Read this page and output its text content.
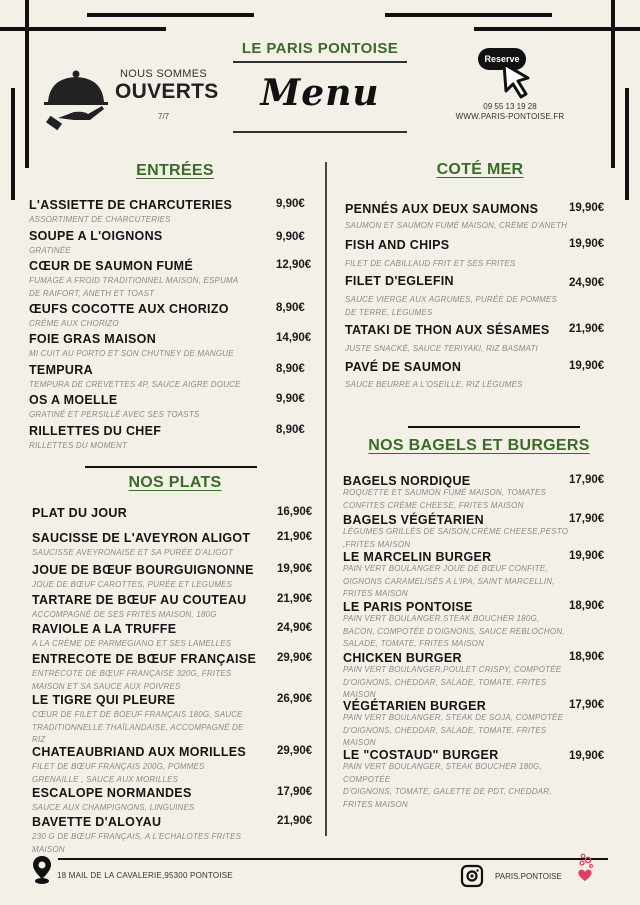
NOUS SOMMES
OUVERTS
7/7
LE PARIS PONTOISE
Menu
Reserve
09 55 13 19 28
WWW.PARIS-PONTOISE.FR
ENTRÉES
L'ASSIETTE DE CHARCUTERIES	9,90€
ASSORTIMENT DE CHARCUTERIES
SOUPE A L'OIGNONS	9,90€
GRATINÉE
CŒUR DE SAUMON FUMÉ	12,90€
FUMAGE A FROID TRADITIONNEL MAISON, ESPUMA
DE RAIFORT, ANETH ET TOAST
ŒUFS COCOTTE AUX CHORIZO	8,90€
CRÈME AUX CHORIZO
FOIE GRAS MAISON	14,90€
MI CUIT AU PORTO ET SON CHUTNEY DE MANGUE
TEMPURA	8,90€
TEMPURA DE CREVETTES 4P, SAUCE AIGRE DOUCE
OS A MOELLE	9,90€
GRATINÉ ET PERSILLÉ AVEC SES TOASTS
RILLETTES DU CHEF	8,90€
RILLETTES DU MOMENT
NOS PLATS
PLAT DU JOUR	16,90€
SAUCISSE DE L'AVEYRON ALIGOT 21,90€
SAUCISSE AVEYRONAISE ET SA PURÉE D'ALIGOT
JOUE DE BŒUF BOURGUIGNONNE 19,90€
JOUE DE BŒUF CAROTTES, PURÉE ET LEGUMES
TARTARE DE BŒUF AU COUTEAU	21,90€
ACCOMPAGNÉ DE SES FRITES MAISON, 180G
RAVIOLE A LA TRUFFE	24,90€
A LA CRÈME DE PARMEGIANO ET SES LAMELLES
ENTRECOTE DE BŒUF FRANÇAISE 29,90€
ENTRECOTE DE BŒUF FRANÇAISE 320G, FRITES
MAISON ET SA SAUCE AUX POIVRES
LE TIGRE QUI PLEURE	26,90€
CŒUR DE FILET DE BOEUF FRANÇAIS 180G, SAUCE
TRADITIONNELLE THAÏLANDAISE, ACCOMPAGNÉ DE
RIZ
CHATEAUBRIAND AUX MORILLES	29,90€
FILET DE BŒUF FRANÇAIS 200G, POMMES
GRENAILLE , SAUCE AUX MORILLES
ESCALOPE NORMANDES	17,90€
SAUCE AUX CHAMPIGNONS, LINGUINES
BAVETTE D'ALOYAU	21,90€
230 G DE BŒUF FRANÇAIS, A L'ECHALOTES FRITES
MAISON
COTÉ MER
PENNÉS AUX DEUX SAUMONS	19,90€
SAUMON ET SAUMON FUMÉ MAISON, CRÈME D'ANETH
FISH AND CHIPS	19,90€
FILET DE CABILLAUD FRIT ET SES FRITES
FILET D'EGLEFIN	24,90€
SAUCE VIERGE AUX AGRUMES, PURÉE DE POMMES
DE TERRE, LEGUMES
TATAKI DE THON AUX SÉSAMES 21,90€
JUSTE SNACKÉ, SAUCE TERIYAKI, RIZ BASMATI
PAVÉ DE SAUMON	19,90€
SAUCE BEURRE A L'OSEILLE, RIZ LÉGUMES
NOS BAGELS ET BURGERS
BAGELS NORDIQUE	17,90€
ROQUETTE ET SAUMON FUMÉ MAISON, TOMATES
CONFITES CRÈME CHEESE, FRITES MAISON
BAGELS VÉGÉTARIEN	17,90€
LÉGUMES GRILLÉS DE SAISON,CRÈME CHEESE,PESTO
,FRITES MAISON
LE MARCELIN BURGER	19,90€
PAIN VERT BOULANGER JOUE DE BŒUF CONFITE,
OIGNONS CARAMELISÉS A L'IPA, SAINT MARCELLIN,
FRITES MAISON
LE PARIS PONTOISE	18,90€
PAIN VERT BOULANGER,STEAK BOUCHER 180G,
BACON, COMPOTÉE D'OIGNONS, SAUCE REBLOCHON,
SALADE, TOMATE, FRITES MAISON
CHICKEN BURGER	18,90€
PAIN VERT BOULANGER,POULET CRISPY, COMPOTÉE
D'OIGNONS, CHEDDAR, SALADE, TOMATE, FRITES
MAISON
VÉGÉTARIEN BURGER	17,90€
PAIN VERT BOULANGER, STEAK DE SOJA, COMPOTÉE
D'OIGNONS, CHEDDAR, SALADE, TOMATE, FRITES
MAISON
LE "COSTAUD" BURGER	19,90€
PAIN VERT BOULANGER, STEAK BOUCHER 180G,
COMPOTÉE
D'OIGNONS, TOMATE, GALETTE DE PDT, CHEDDAR,
FRITES MAISON
18 MAIL DE LA CAVALERIE,95300 PONTOISE	PARIS.PONTOISE
